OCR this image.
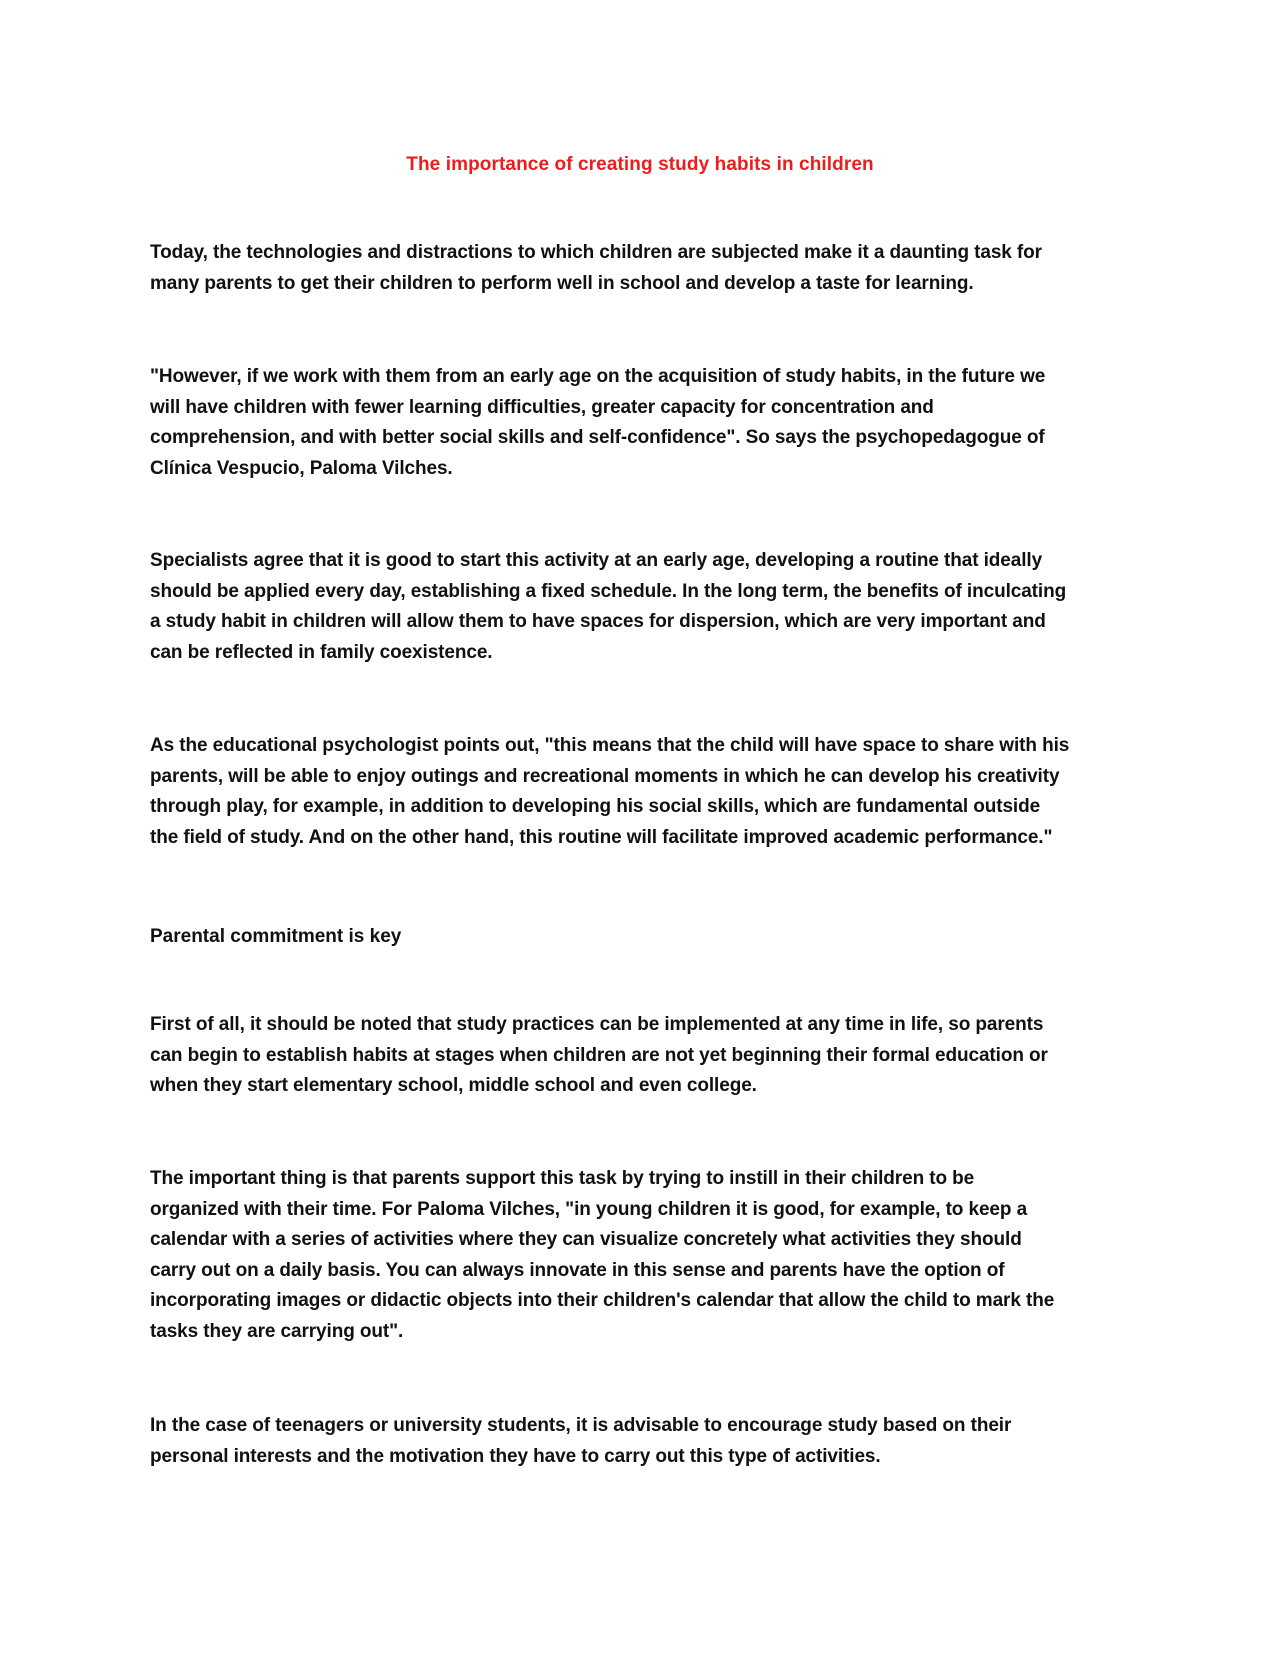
The importance of creating study habits in children

Today, the technologies and distractions to which children are subjected make it a daunting task for
many parents to get their children to perform well in school and develop a taste for learning.

"However, if we work with them from an early age on the acquisition of study habits, in the future we
will have children with fewer learning difficulties, greater capacity for concentration and
comprehension, and with better social skills and self-confidence". So says the psychopedagogue of
Clínica Vespucio, Paloma Vilches.

Specialists agree that it is good to start this activity at an early age, developing a routine that ideally
should be applied every day, establishing a fixed schedule. In the long term, the benefits of inculcating
a study habit in children will allow them to have spaces for dispersion, which are very important and
can be reflected in family coexistence.

As the educational psychologist points out, "this means that the child will have space to share with his
parents, will be able to enjoy outings and recreational moments in which he can develop his creativity
through play, for example, in addition to developing his social skills, which are fundamental outside
the field of study. And on the other hand, this routine will facilitate improved academic performance."

Parental commitment is key

First of all, it should be noted that study practices can be implemented at any time in life, so parents
can begin to establish habits at stages when children are not yet beginning their formal education or
when they start elementary school, middle school and even college.

The important thing is that parents support this task by trying to instill in their children to be
organized with their time. For Paloma Vilches, "in young children it is good, for example, to keep a
calendar with a series of activities where they can visualize concretely what activities they should
carry out on a daily basis. You can always innovate in this sense and parents have the option of
incorporating images or didactic objects into their children's calendar that allow the child to mark the
tasks they are carrying out".

In the case of teenagers or university students, it is advisable to encourage study based on their
personal interests and the motivation they have to carry out this type of activities.
